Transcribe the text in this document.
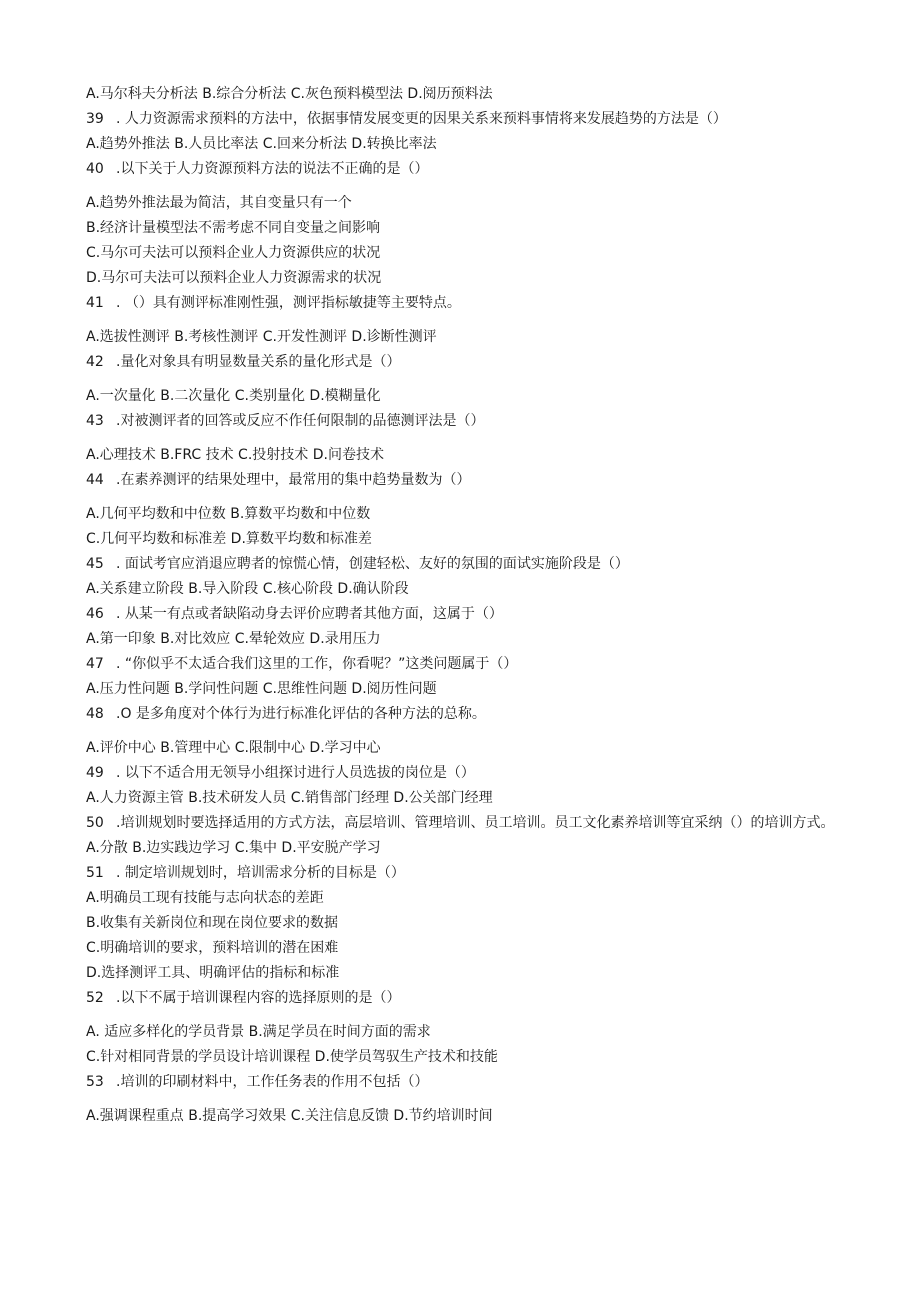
A.马尔科夫分析法 B.综合分析法 C.灰色预料模型法 D.阅历预料法
39 . 人力资源需求预料的方法中，依据事情发展变更的因果关系来预料事情将来发展趋势的方法是（）
A.趋势外推法 B.人员比率法 C.回来分析法 D.转换比率法
40 .以下关于人力资源预料方法的说法不正确的是（）
A.趋势外推法最为简洁，其自变量只有一个
B.经济计量模型法不需考虑不同自变量之间影响
C.马尔可夫法可以预料企业人力资源供应的状况
D.马尔可夫法可以预料企业人力资源需求的状况
41 . （）具有测评标准刚性强，测评指标敏捷等主要特点。
A.选拔性测评 B.考核性测评 C.开发性测评 D.诊断性测评
42 .量化对象具有明显数量关系的量化形式是（）
A.一次量化 B.二次量化 C.类别量化 D.模糊量化
43 .对被测评者的回答或反应不作任何限制的品德测评法是（）
A.心理技术 B.FRC 技术 C.投射技术 D.问卷技术
44 .在素养测评的结果处理中，最常用的集中趋势量数为（）
A.几何平均数和中位数 B.算数平均数和中位数
C.几何平均数和标准差 D.算数平均数和标准差
45 . 面试考官应消退应聘者的惊慌心情，创建轻松、友好的氛围的面试实施阶段是（）
A.关系建立阶段 B.导入阶段 C.核心阶段 D.确认阶段
46 . 从某一有点或者缺陷动身去评价应聘者其他方面，这属于（）
A.第一印象 B.对比效应 C.晕轮效应 D.录用压力
47 . “你似乎不太适合我们这里的工作，你看呢？”这类问题属于（）
A.压力性问题 B.学问性问题 C.思维性问题 D.阅历性问题
48 .O 是多角度对个体行为进行标准化评估的各种方法的总称。
A.评价中心 B.管理中心 C.限制中心 D.学习中心
49 . 以下不适合用无领导小组探讨进行人员选拔的岗位是（）
A.人力资源主管 B.技术研发人员 C.销售部门经理 D.公关部门经理
50 .培训规划时要选择适用的方式方法，高层培训、管理培训、员工培训。员工文化素养培训等宜采纳（）的培训方式。
A.分散 B.边实践边学习 C.集中 D.平安脱产学习
51 . 制定培训规划时，培训需求分析的目标是（）
A.明确员工现有技能与志向状态的差距
B.收集有关新岗位和现在岗位要求的数据
C.明确培训的要求，预料培训的潜在困难
D.选择测评工具、明确评估的指标和标准
52 .以下不属于培训课程内容的选择原则的是（）
A. 适应多样化的学员背景 B.满足学员在时间方面的需求
C.针对相同背景的学员设计培训课程 D.使学员驾驭生产技术和技能
53 .培训的印刷材料中，工作任务表的作用不包括（）
A.强调课程重点 B.提高学习效果 C.关注信息反馈 D.节约培训时间
